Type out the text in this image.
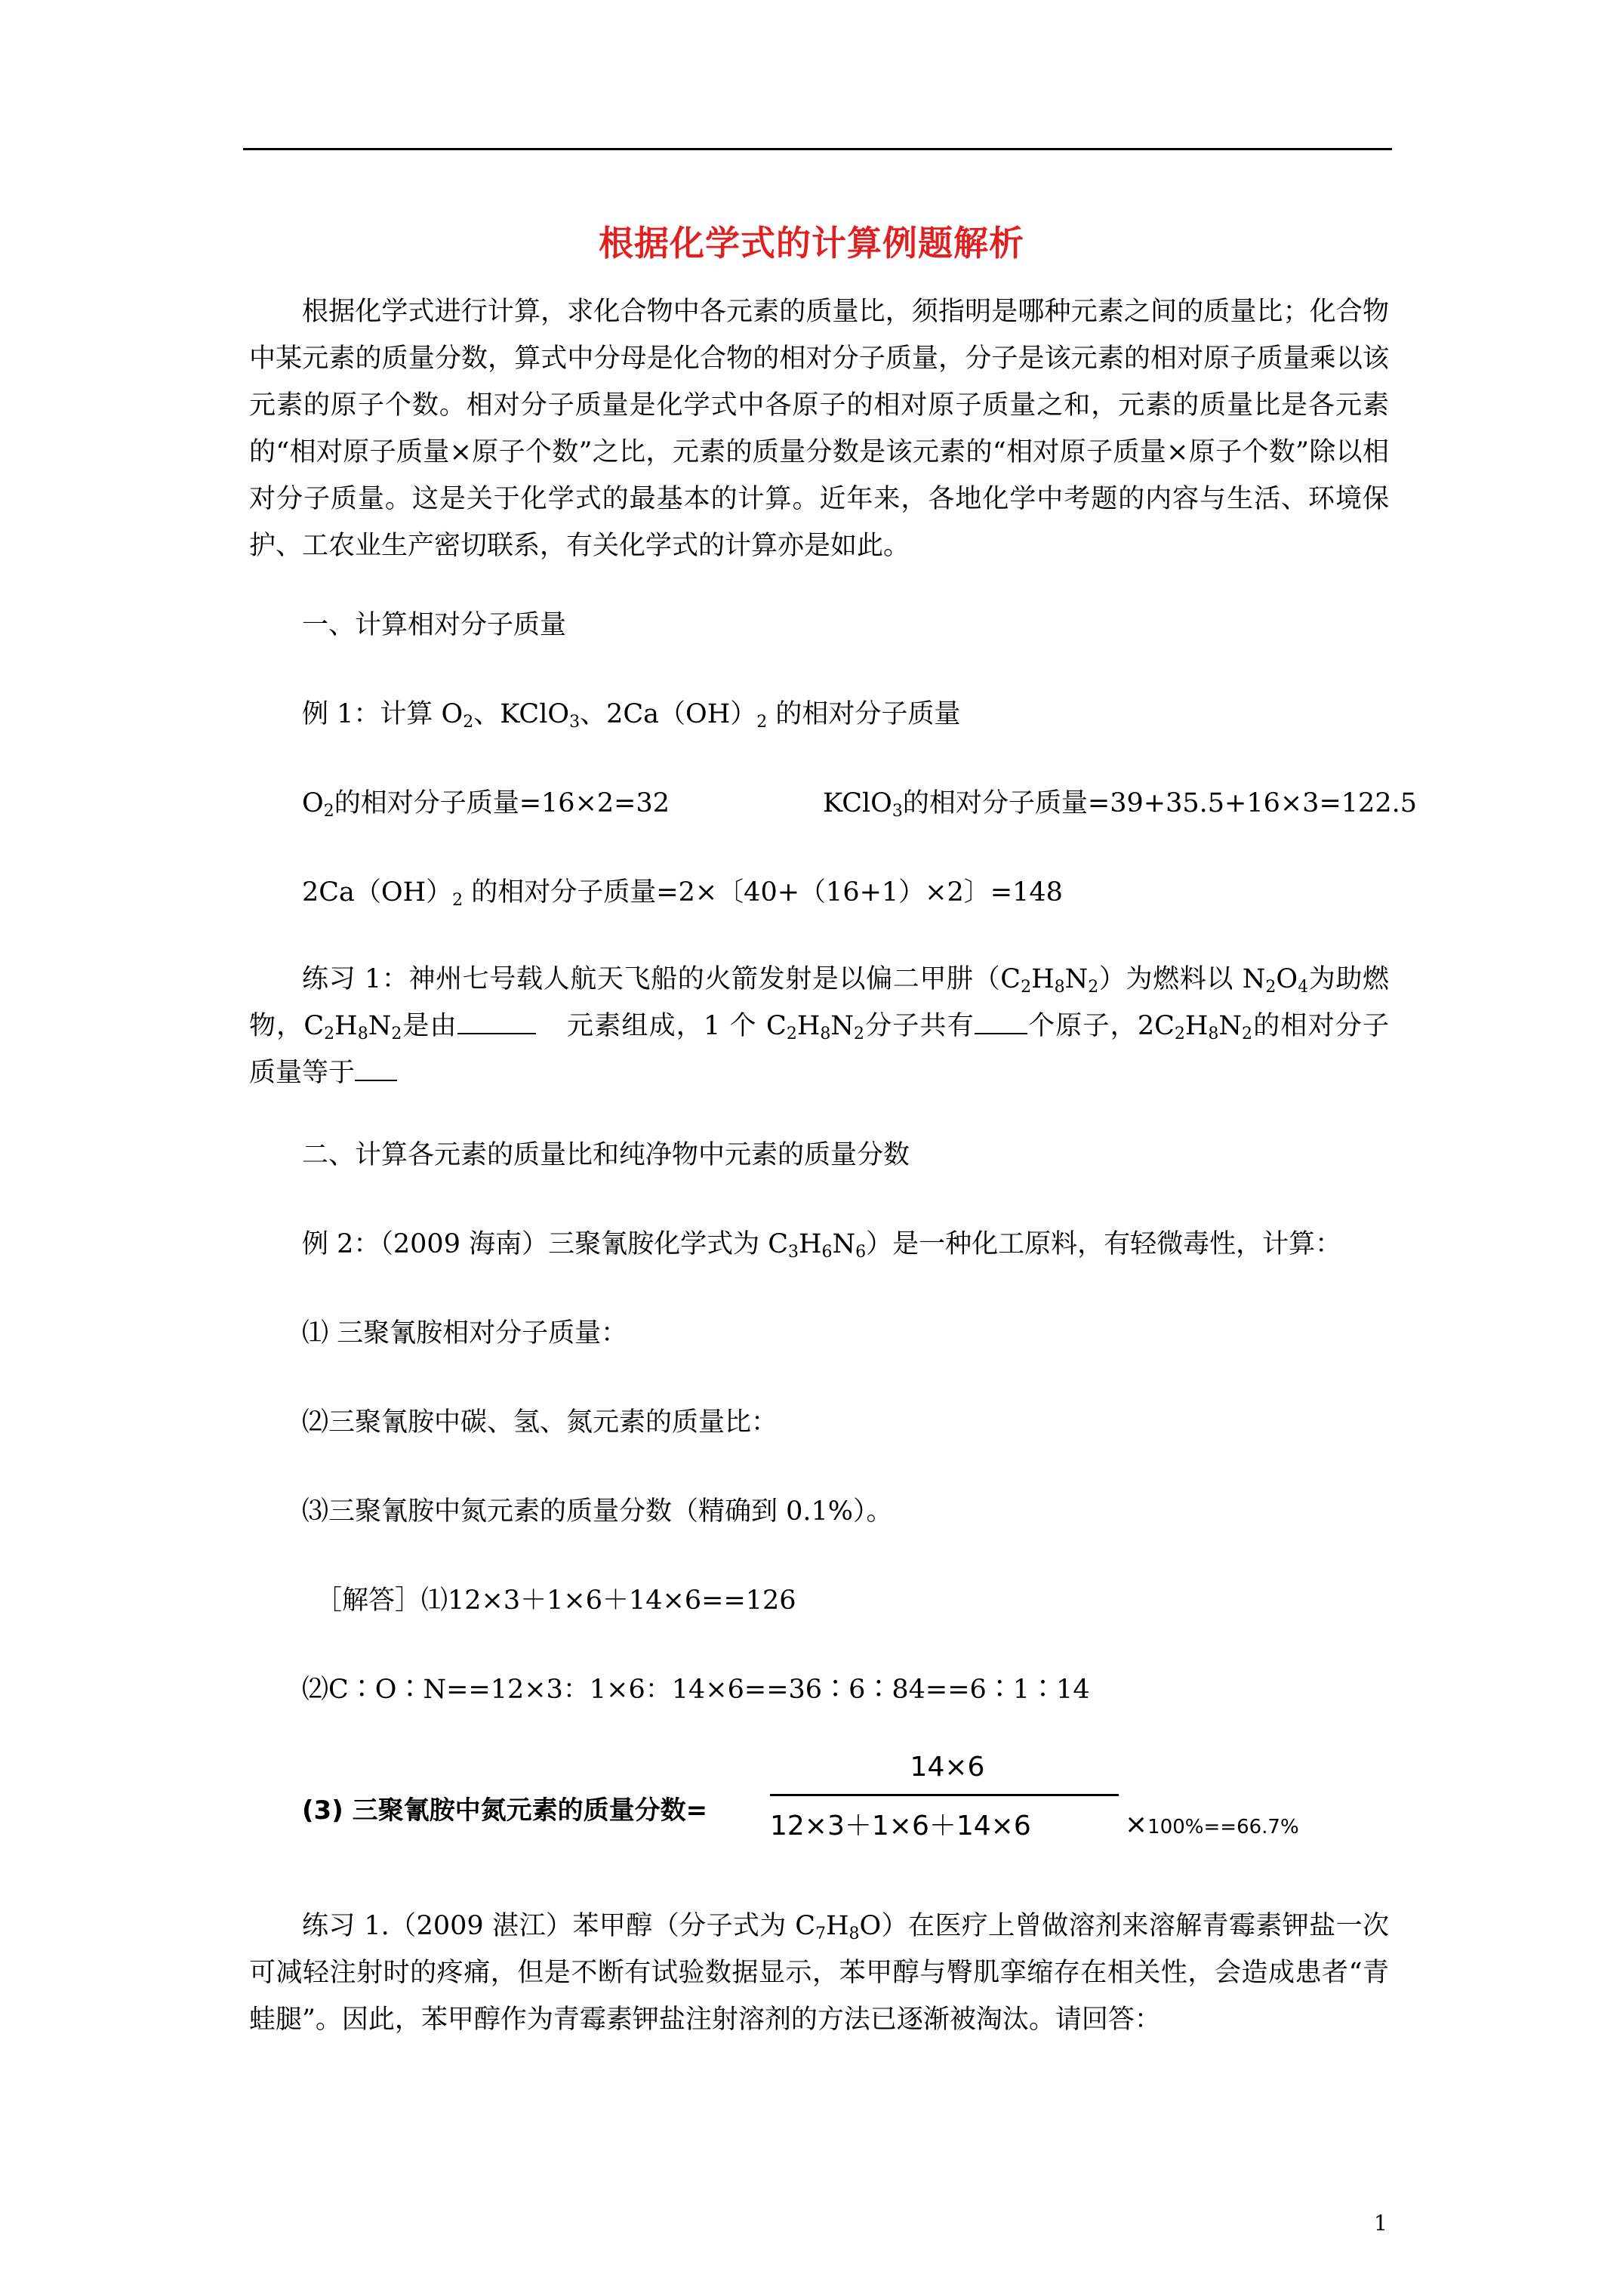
根据化学式的计算例题解析
根据化学式进行计算，求化合物中各元素的质量比，须指明是哪种元素之间的质量比；化合物中某元素的质量分数，算式中分母是化合物的相对分子质量，分子是该元素的相对原子质量乘以该元素的原子个数。相对分子质量是化学式中各原子的相对原子质量之和，元素的质量比是各元素的“相对原子质量×原子个数”之比，元素的质量分数是该元素的“相对原子质量×原子个数”除以相对分子质量。这是关于化学式的最基本的计算。近年来，各地化学中考题的内容与生活、环境保护、工农业生产密切联系，有关化学式的计算亦是如此。
一、计算相对分子质量
例 1：计算 $O_2$、KClO$_3$、$2Ca(OH)_2$ 的相对分子质量
$O_2$的相对分子质量=16×2=32	KClO$_3$的相对分子质量=39+35.5+16×3=122.5
$2Ca(OH)_2$ 的相对分子质量=2×〔40+（16+1）×2〕=148
练习 1：神州七号载人航天飞船的火箭发射是以偏二甲肼$(C_2H_8N_2)$为燃料以 $N_2O_4$为助燃物，$C_2H_8N_2$是由	元素组成，1 个 $C_2H_8N_2$分子共有 个原子，$2C_2H_8N_2$的相对分子质量等于
二、计算各元素的质量比和纯净物中元素的质量分数
例 2：（2009 海南）三聚氰胺化学式为 $C_3H_6N_6$）是一种化工原料，有轻微毒性，计算：
⑴ 三聚氰胺相对分子质量：
⑵三聚氰胺中碳、氢、氮元素的质量比：
⑶三聚氰胺中氮元素的质量分数（精确到 0.1%）。
［解答］⑴12×3＋1×6＋14×6==126
⑵C∶O∶N==12×3：1×6：14×6==36∶6∶84==6∶1∶14
(3) 三聚氰胺中氮元素的质量分数=
14×6
12×3＋1×6＋14×6	×100%==66.7%
练习 1.（2009 湛江）苯甲醇（分子式为 $C_7H_8O$）在医疗上曾做溶剂来溶解青霉素钾盐一次可减轻注射时的疼痛，但是不断有试验数据显示，苯甲醇与臀肌挛缩存在相关性，会造成患者“青蛙腿”。因此，苯甲醇作为青霉素钾盐注射溶剂的方法已逐渐被淘汰。请回答：
1
